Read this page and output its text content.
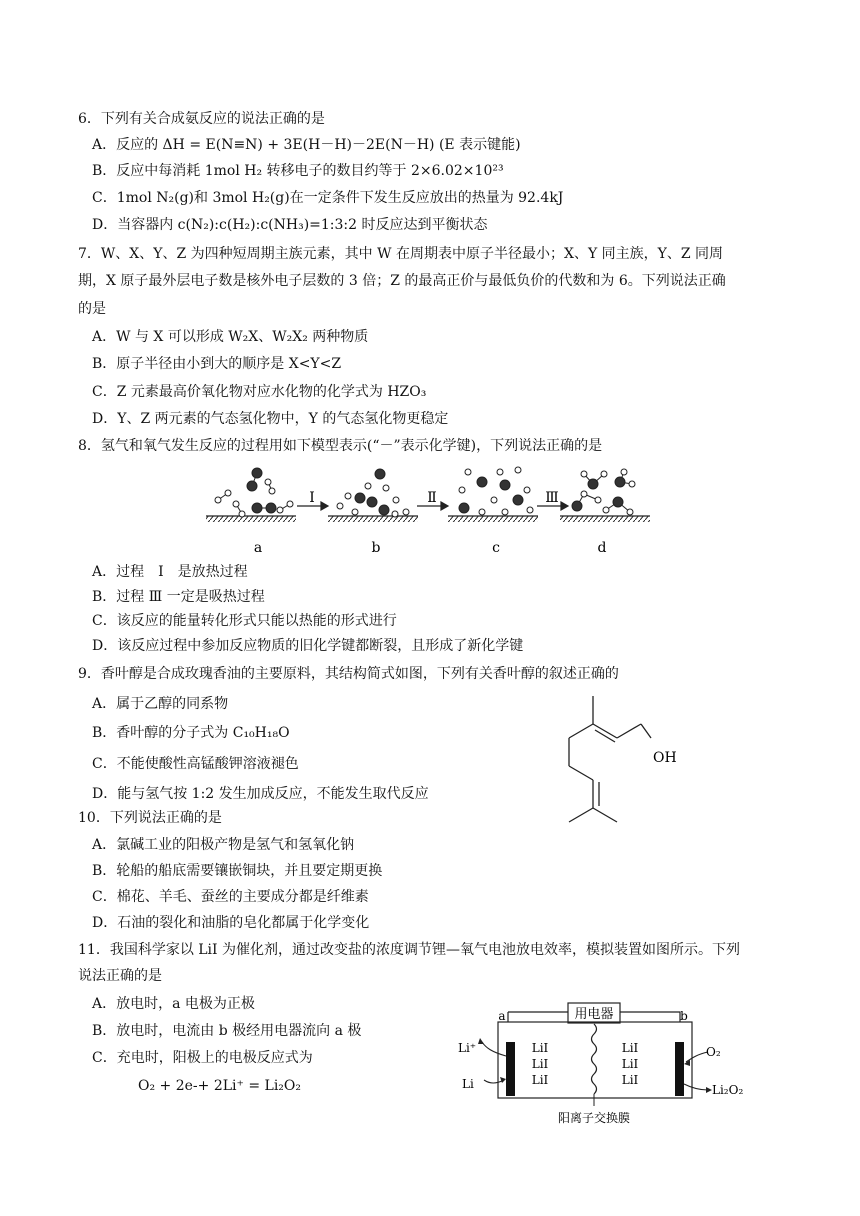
6．下列有关合成氨反应的说法正确的是
A．反应的 ΔH = E(N≡N) + 3E(H－H)－2E(N－H) (E 表示键能)
B．反应中每消耗 1mol H₂ 转移电子的数目约等于 2×6.02×10²³
C．1mol N₂(g)和 3mol H₂(g)在一定条件下发生反应放出的热量为 92.4kJ
D．当容器内 c(N₂):c(H₂):c(NH₃)=1:3:2 时反应达到平衡状态
7．W、X、Y、Z 为四种短周期主族元素，其中 W 在周期表中原子半径最小；X、Y 同主族，Y、Z 同周
期，X 原子最外层电子数是核外电子层数的 3 倍；Z 的最高正价与最低负价的代数和为 6。下列说法正确
的是
A．W 与 X 可以形成 W₂X、W₂X₂ 两种物质
B．原子半径由小到大的顺序是 X<Y<Z
C．Z 元素最高价氧化物对应水化物的化学式为 HZO₃
D．Y、Z 两元素的气态氢化物中，Y 的气态氢化物更稳定
8．氢气和氧气发生反应的过程用如下模型表示(“－”表示化学键)，下列说法正确的是
Ⅰ	Ⅱ	Ⅲ
a	b	c	d
A．过程　Ⅰ　是放热过程
B．过程 Ⅲ 一定是吸热过程
C．该反应的能量转化形式只能以热能的形式进行
D．该反应过程中参加反应物质的旧化学键都断裂，且形成了新化学键
9．香叶醇是合成玫瑰香油的主要原料，其结构简式如图，下列有关香叶醇的叙述正确的
A．属于乙醇的同系物
B．香叶醇的分子式为 C₁₀H₁₈O
C．不能使酸性高锰酸钾溶液褪色
D．能与氢气按 1:2 发生加成反应，不能发生取代反应
OH
10．下列说法正确的是
A．氯碱工业的阳极产物是氢气和氢氧化钠
B．轮船的船底需要镶嵌铜块，并且要定期更换
C．棉花、羊毛、蚕丝的主要成分都是纤维素
D．石油的裂化和油脂的皂化都属于化学变化
11．我国科学家以 LiI 为催化剂，通过改变盐的浓度调节锂—氧气电池放电效率，模拟装置如图所示。下列
说法正确的是
A．放电时，a 电极为正极
B．放电时，电流由 b 极经用电器流向 a 极
C．充电时，阳极上的电极反应式为
O₂ + 2e-+ 2Li⁺ = Li₂O₂
用电器
a	b
Li⁺
Li
O₂
Li₂O₂
LiI
LiI
LiI
LiI
LiI
LiI
阳离子交换膜
